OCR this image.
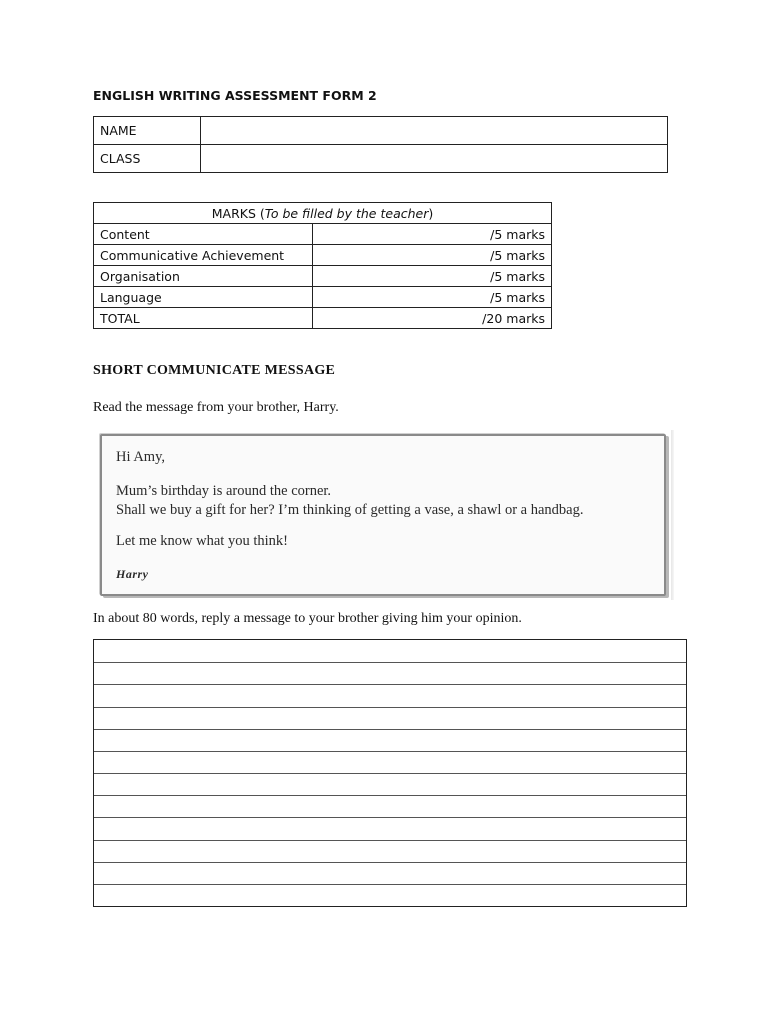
ENGLISH WRITING ASSESSMENT FORM 2
NAME	
CLASS	
MARKS (To be filled by the teacher)	
Content	/5 marks
Communicative Achievement	/5 marks
Organisation	/5 marks
Language	/5 marks
TOTAL	/20 marks
SHORT COMMUNICATE MESSAGE
Read the message from your brother, Harry.
Hi Amy,
Mum’s birthday is around the corner.
Shall we buy a gift for her? I’m thinking of getting a vase, a shawl or a handbag.
Let me know what you think!
Harry
In about 80 words, reply a message to your brother giving him your opinion.
